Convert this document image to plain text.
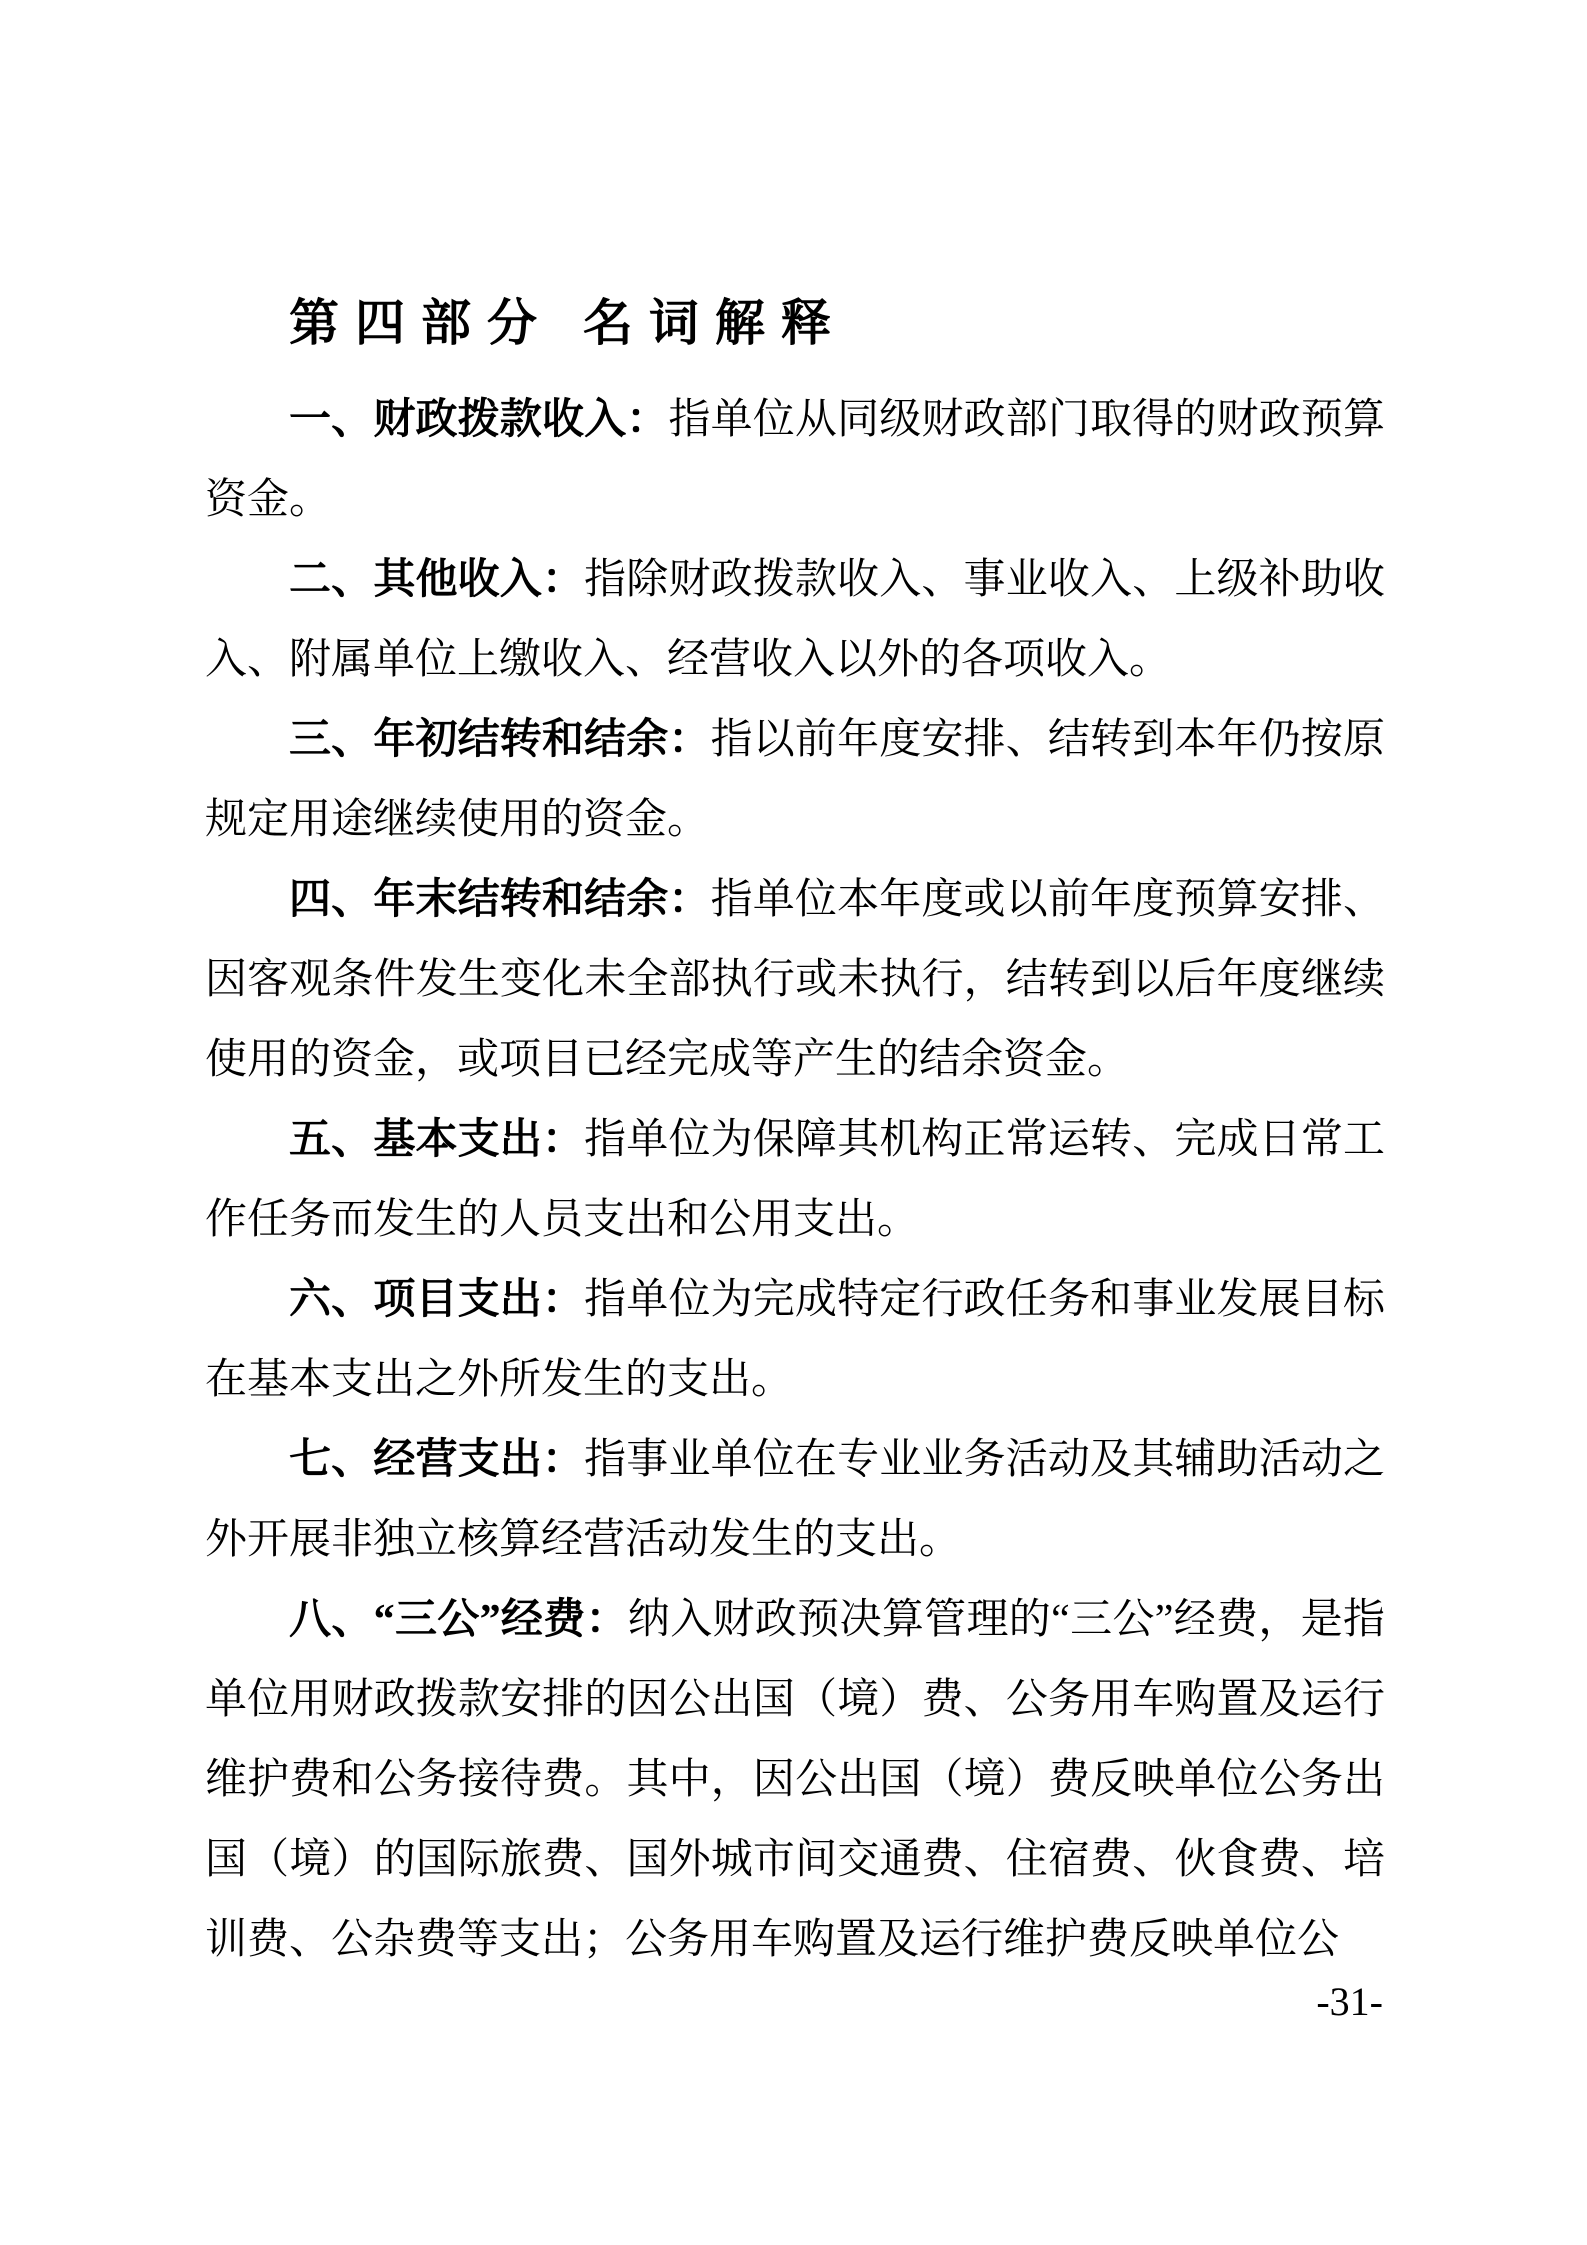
第四部分 名词解释

一、财政拨款收入：指单位从同级财政部门取得的财政预算资金。

二、其他收入：指除财政拨款收入、事业收入、上级补助收入、附属单位上缴收入、经营收入以外的各项收入。

三、年初结转和结余：指以前年度安排、结转到本年仍按原规定用途继续使用的资金。

四、年末结转和结余：指单位本年度或以前年度预算安排、因客观条件发生变化未全部执行或未执行，结转到以后年度继续使用的资金，或项目已经完成等产生的结余资金。

五、基本支出：指单位为保障其机构正常运转、完成日常工作任务而发生的人员支出和公用支出。

六、项目支出：指单位为完成特定行政任务和事业发展目标在基本支出之外所发生的支出。

七、经营支出：指事业单位在专业业务活动及其辅助活动之外开展非独立核算经营活动发生的支出。

八、“三公”经费：纳入财政预决算管理的“三公”经费，是指单位用财政拨款安排的因公出国（境）费、公务用车购置及运行维护费和公务接待费。其中，因公出国（境）费反映单位公务出国（境）的国际旅费、国外城市间交通费、住宿费、伙食费、培训费、公杂费等支出；公务用车购置及运行维护费反映单位公

-31-
